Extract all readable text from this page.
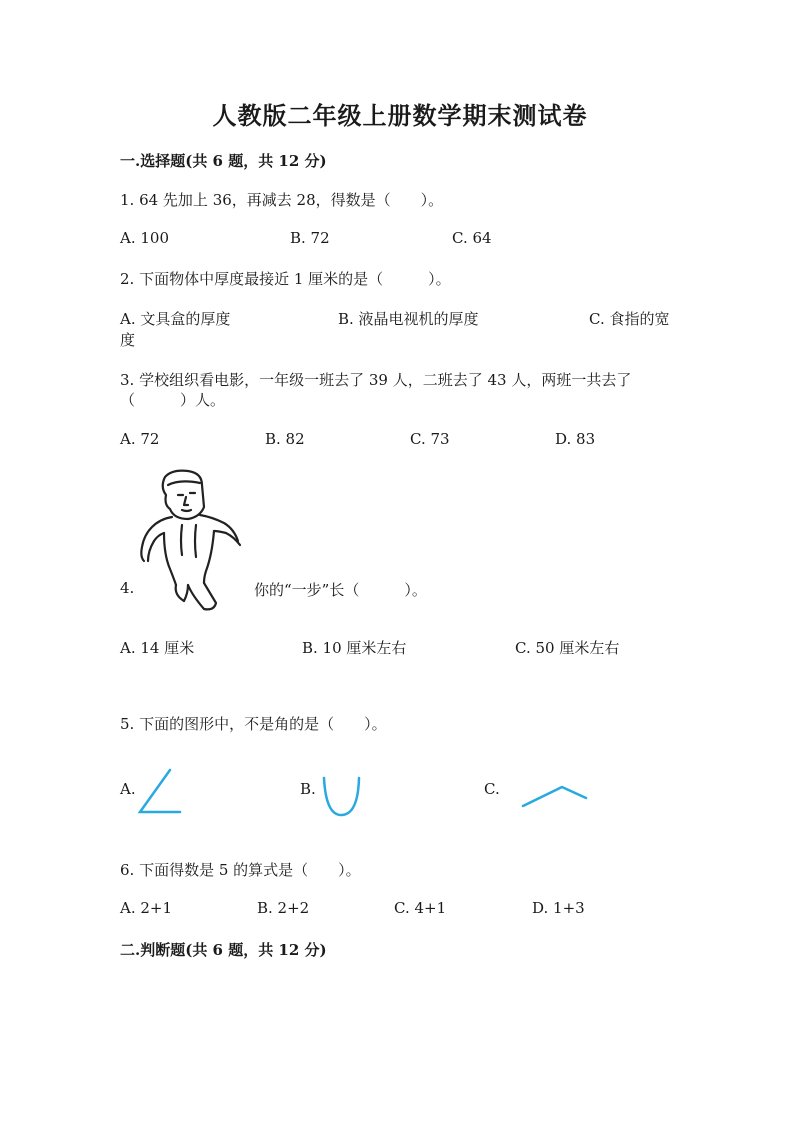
人教版二年级上册数学期末测试卷
一.选择题(共 6 题，共 12 分)
1. 64 先加上 36，再减去 28，得数是（　　）。
A. 100	B. 72	C. 64
2. 下面物体中厚度最接近 1 厘米的是（　　　）。
A. 文具盒的厚度	B. 液晶电视机的厚度	C. 食指的宽
度
3. 学校组织看电影，一年级一班去了 39 人，二班去了 43 人，两班一共去了
（　　　）人。
A. 72	B. 82	C. 73	D. 83
4.	你的“一步”长（　　　）。
A. 14 厘米	B. 10 厘米左右	C. 50 厘米左右
5. 下面的图形中，不是角的是（　　）。
A.	B.	C.
6. 下面得数是 5 的算式是（　　）。
A. 2+1	B. 2+2	C. 4+1	D. 1+3
二.判断题(共 6 题，共 12 分)
